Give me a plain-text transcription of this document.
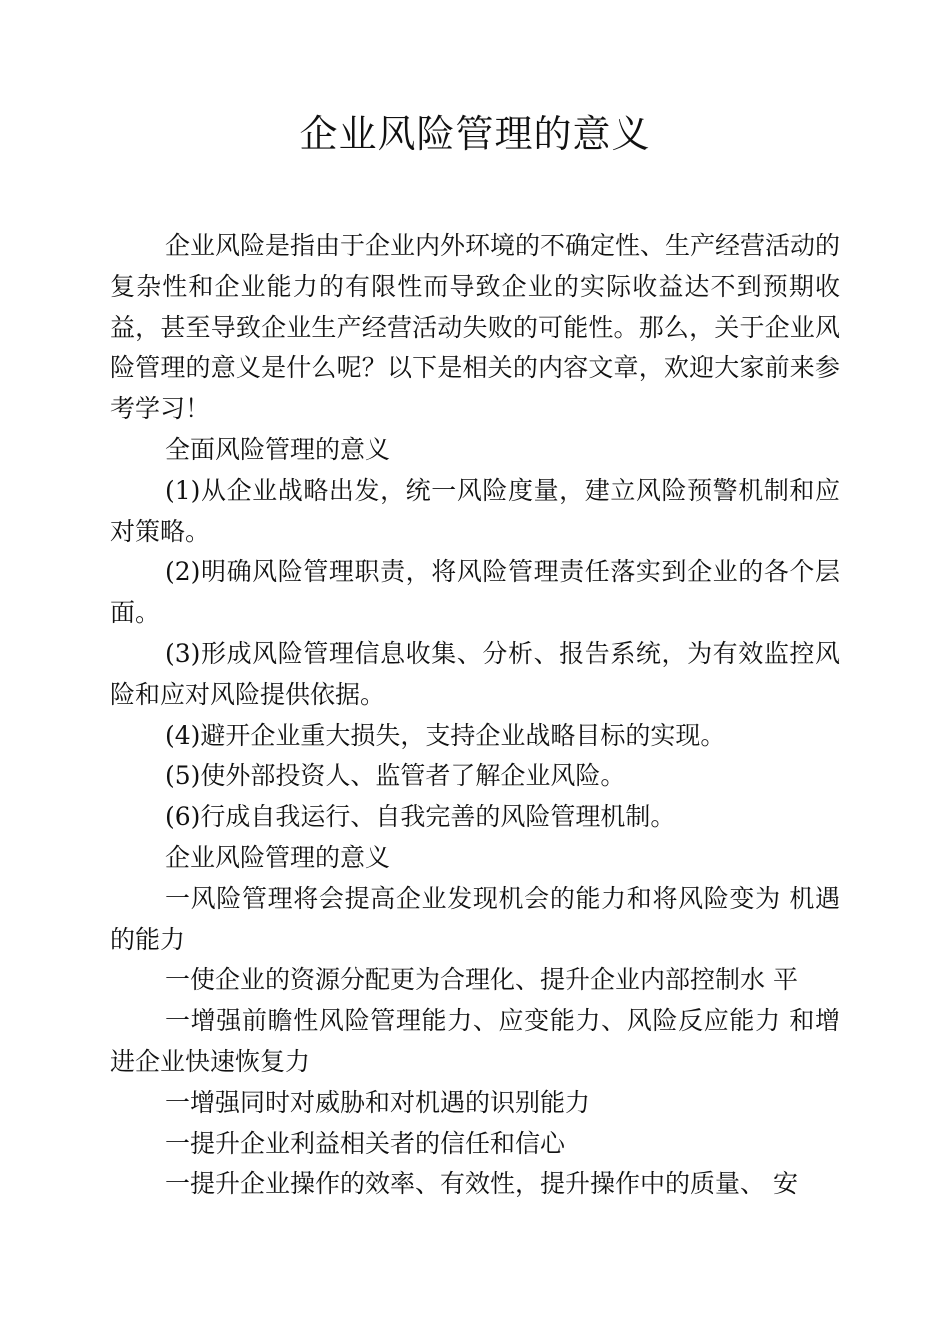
企业风险管理的意义

企业风险是指由于企业内外环境的不确定性、生产经营活动的复杂性和企业能力的有限性而导致企业的实际收益达不到预期收益，甚至导致企业生产经营活动失败的可能性。那么，关于企业风险管理的意义是什么呢？以下是相关的内容文章，欢迎大家前来参考学习！

全面风险管理的意义

(1)从企业战略出发，统一风险度量，建立风险预警机制和应对策略。

(2)明确风险管理职责，将风险管理责任落实到企业的各个层面。

(3)形成风险管理信息收集、分析、报告系统，为有效监控风险和应对风险提供依据。

(4)避开企业重大损失，支持企业战略目标的实现。

(5)使外部投资人、监管者了解企业风险。

(6)行成自我运行、自我完善的风险管理机制。

企业风险管理的意义

一风险管理将会提高企业发现机会的能力和将风险变为 机遇的能力

一使企业的资源分配更为合理化、提升企业内部控制水 平

一增强前瞻性风险管理能力、应变能力、风险反应能力 和增进企业快速恢复力

一增强同时对威胁和对机遇的识别能力

一提升企业利益相关者的信任和信心

一提升企业操作的效率、有效性，提升操作中的质量、 安
